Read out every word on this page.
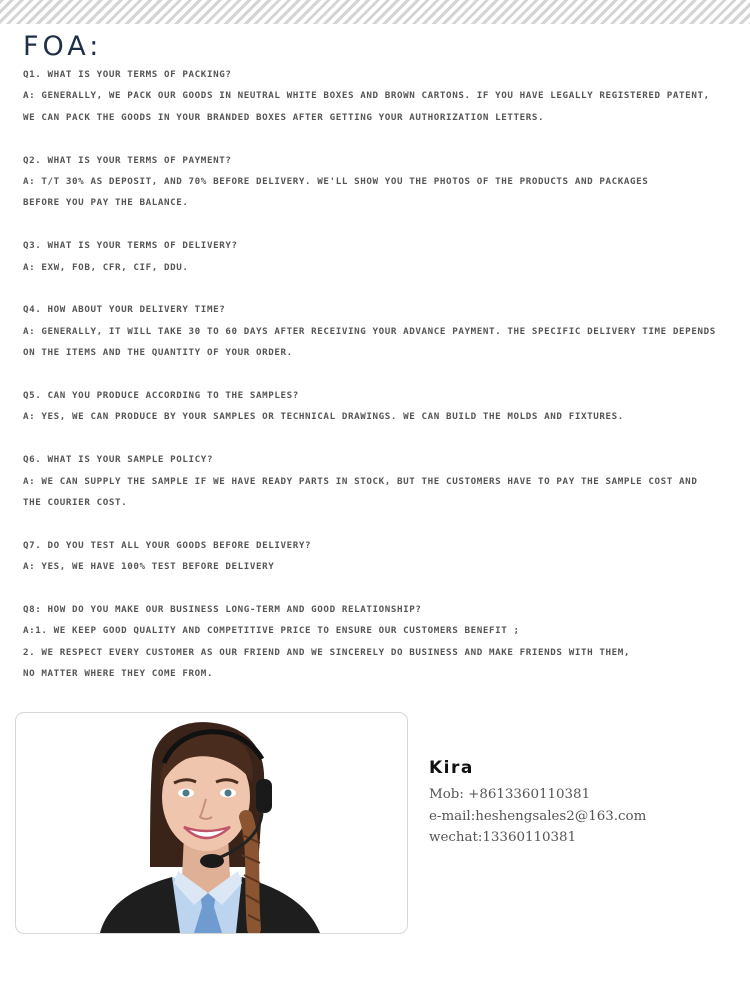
FOA:
Q1. WHAT IS YOUR TERMS OF PACKING?
A: GENERALLY, WE PACK OUR GOODS IN NEUTRAL WHITE BOXES AND BROWN CARTONS. IF YOU HAVE LEGALLY REGISTERED PATENT,
WE CAN PACK THE GOODS IN YOUR BRANDED BOXES AFTER GETTING YOUR AUTHORIZATION LETTERS.
Q2. WHAT IS YOUR TERMS OF PAYMENT?
A: T/T 30% AS DEPOSIT, AND 70% BEFORE DELIVERY. WE'LL SHOW YOU THE PHOTOS OF THE PRODUCTS AND PACKAGES
BEFORE YOU PAY THE BALANCE.
Q3. WHAT IS YOUR TERMS OF DELIVERY?
A: EXW, FOB, CFR, CIF, DDU.
Q4. HOW ABOUT YOUR DELIVERY TIME?
A: GENERALLY, IT WILL TAKE 30 TO 60 DAYS AFTER RECEIVING YOUR ADVANCE PAYMENT. THE SPECIFIC DELIVERY TIME DEPENDS
ON THE ITEMS AND THE QUANTITY OF YOUR ORDER.
Q5. CAN YOU PRODUCE ACCORDING TO THE SAMPLES?
A: YES, WE CAN PRODUCE BY YOUR SAMPLES OR TECHNICAL DRAWINGS. WE CAN BUILD THE MOLDS AND FIXTURES.
Q6. WHAT IS YOUR SAMPLE POLICY?
A: WE CAN SUPPLY THE SAMPLE IF WE HAVE READY PARTS IN STOCK, BUT THE CUSTOMERS HAVE TO PAY THE SAMPLE COST AND
THE COURIER COST.
Q7. DO YOU TEST ALL YOUR GOODS BEFORE DELIVERY?
A: YES, WE HAVE 100% TEST BEFORE DELIVERY
Q8: HOW DO YOU MAKE OUR BUSINESS LONG-TERM AND GOOD RELATIONSHIP?
A:1. WE KEEP GOOD QUALITY AND COMPETITIVE PRICE TO ENSURE OUR CUSTOMERS BENEFIT ;
2. WE RESPECT EVERY CUSTOMER AS OUR FRIEND AND WE SINCERELY DO BUSINESS AND MAKE FRIENDS WITH THEM,
NO MATTER WHERE THEY COME FROM.
Kira
Mob: +8613360110381
e-mail:heshengsales2@163.com
wechat:13360110381
